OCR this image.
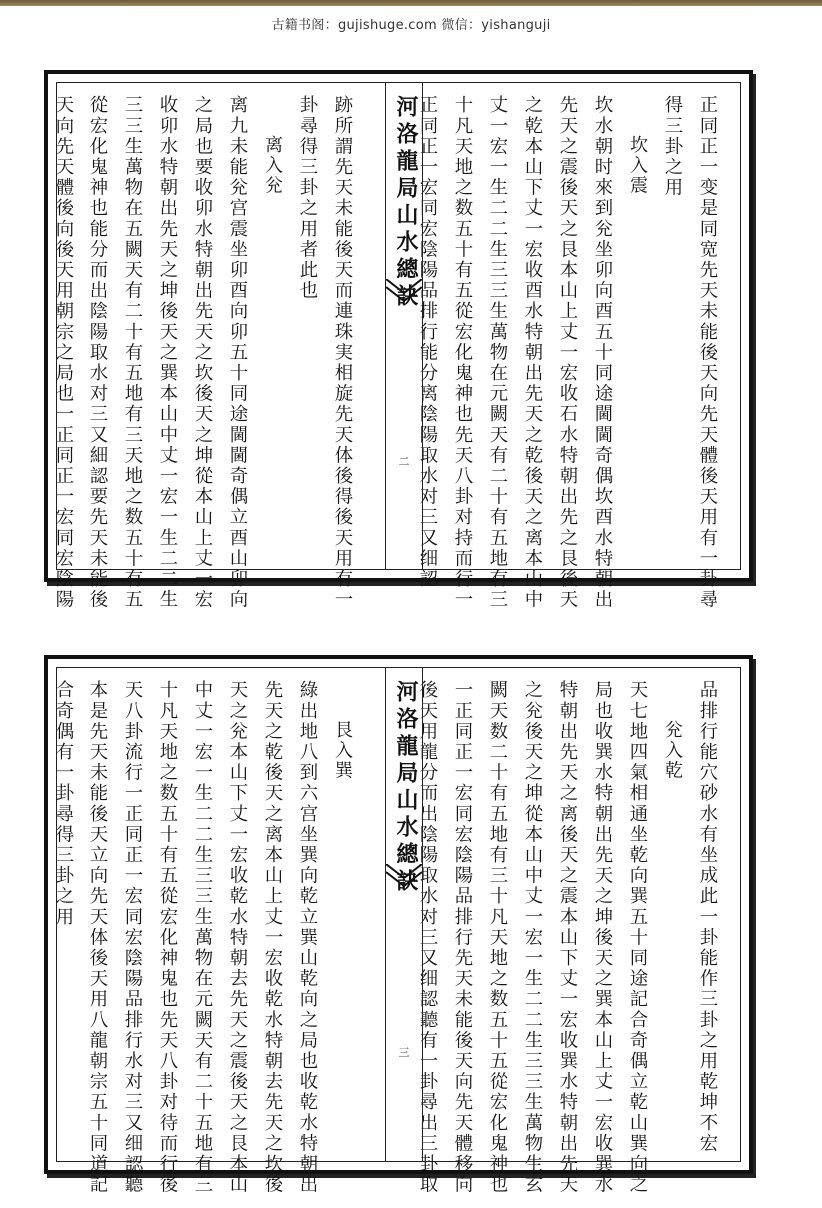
古籍书阁：gujishuge.com 微信：yishanguji
正同正一变是同宽先天未能後天向先天體後天用有一卦尋
得三卦之用
　　坎入震
坎水朝时來到兊坐卯向酉五十同途閫閫奇偶坎酉水特朝出
先天之震後天之艮本山上丈一宏收石水特朝出先之艮後天
之乾本山下丈一宏收酉水特朝出先天之乾後天之离本山中
丈一宏一生二二生三三生萬物在元闕天有二十有五地有三
十凡天地之数五十有五從宏化鬼神也先天八卦对持而行一
正同正一宏同宏陰陽品排行能分离陰陽取水对三又细認
河洛龍局山水總訣
二
跡所謂先天未能後天而連珠実相旋先天体後得後天用有一
卦尋得三卦之用者此也
　　离入兊
离九未能兊宫震坐卯酉向卯五十同途閫閫奇偶立酉山卯向
之局也要收卯水特朝出先天之坎後天之坤從本山上丈一宏
收卯水特朝出先天之坤後天之巽本山中丈一宏一生二二生
三三生萬物在五闕天有二十有五地有三天地之数五十有五
從宏化鬼神也能分而出陰陽取水对三又細認要先天未能後
天向先天體後向後天用朝宗之局也一正同正一宏同宏陰陽
品排行能穴砂水有坐成此一卦能作三卦之用乾坤不宏
　　兊入乾
天七地四氣相通坐乾向巽五十同途記合奇偶立乾山巽向之
局也收巽水特朝出先天之坤後天之巽本山上丈一宏收巽水
特朝出先天之离後天之震本山下丈一宏收巽水特朝出先天
之兊後天之坤從本山中丈一宏一生二二生三三生萬物生玄
闕天数二十有五地有三十凡天地之数五十五從宏化鬼神也
一正同正一宏同宏陰陽品排行先天未能後天向先天體移向
後天用龍分而出陰陽取水对三又细認聽有一卦尋出三卦取
河洛龍局山水總訣
三
　　艮入巽
綠出地八到六宫坐巽向乾立巽山乾向之局也收乾水特朝出
先天之乾後天之离本山上丈一宏收乾水特朝去先天之坎後
天之兊本山下丈一宏收乾水特朝去先天之震後天之艮本山
中丈一宏一生二二生三三生萬物在元闕天有二十五地有三
十凡天地之数五十有五從宏化神鬼也先天八卦对待而行後
天八卦流行一正同正一宏同宏陰陽品排行水对三又细認聽
本是先天未能後天立向先天体後天用八龍朝宗五十同道記
合奇偶有一卦尋得三卦之用
